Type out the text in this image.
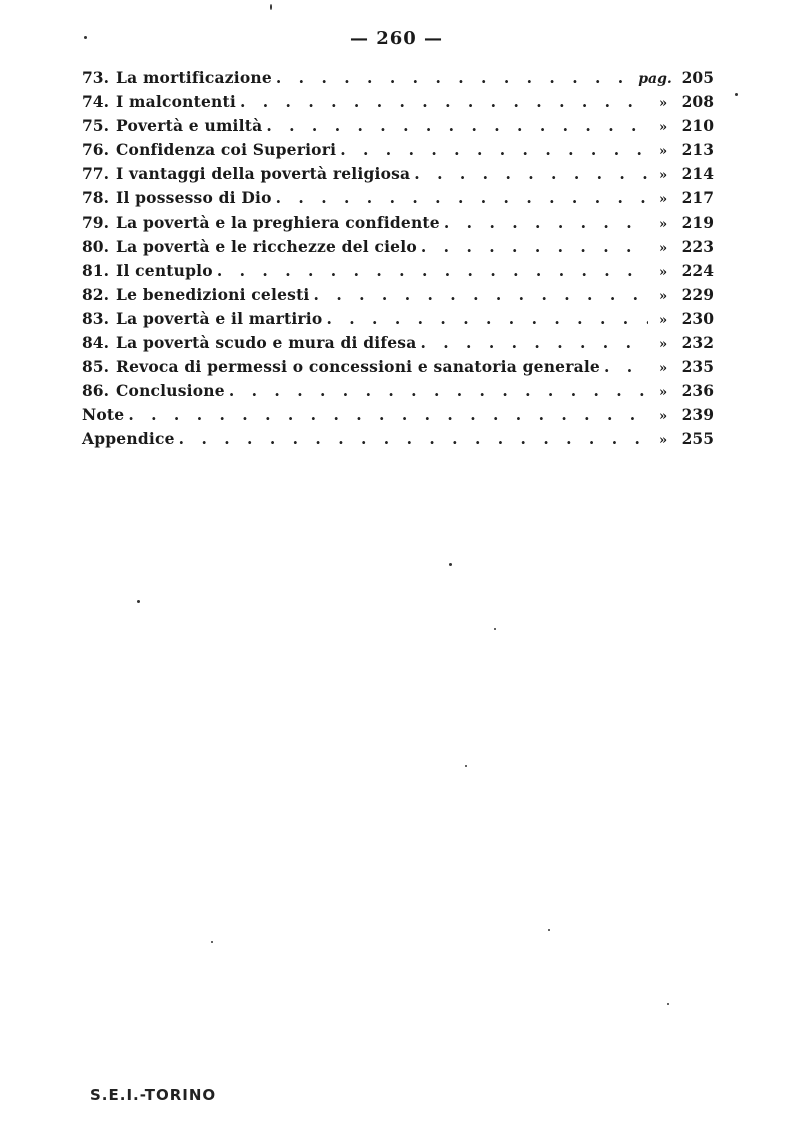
— 260 —
73. La mortificazione . . .	pag. 205
74. I malcontenti . . .	» 208
75. Povertà e umiltà . . .	» 210
76. Confidenza coi Superiori . . .	» 213
77. I vantaggi della povertà religiosa . . .	» 214
78. Il possesso di Dio . . .	» 217
79. La povertà e la preghiera confidente . . .	» 219
80. La povertà e le ricchezze del cielo . . .	» 223
81. Il centuplo . . .	» 224
82. Le benedizioni celesti . . .	» 229
83. La povertà e il martirio . . .	» 230
84. La povertà scudo e mura di difesa . . .	» 232
85. Revoca di permessi o concessioni e sanatoria generale . . .	» 235
86. Conclusione . . .	» 236
Note . . .	» 239
Appendice . . .	» 255
S.E.I.-TORINO
